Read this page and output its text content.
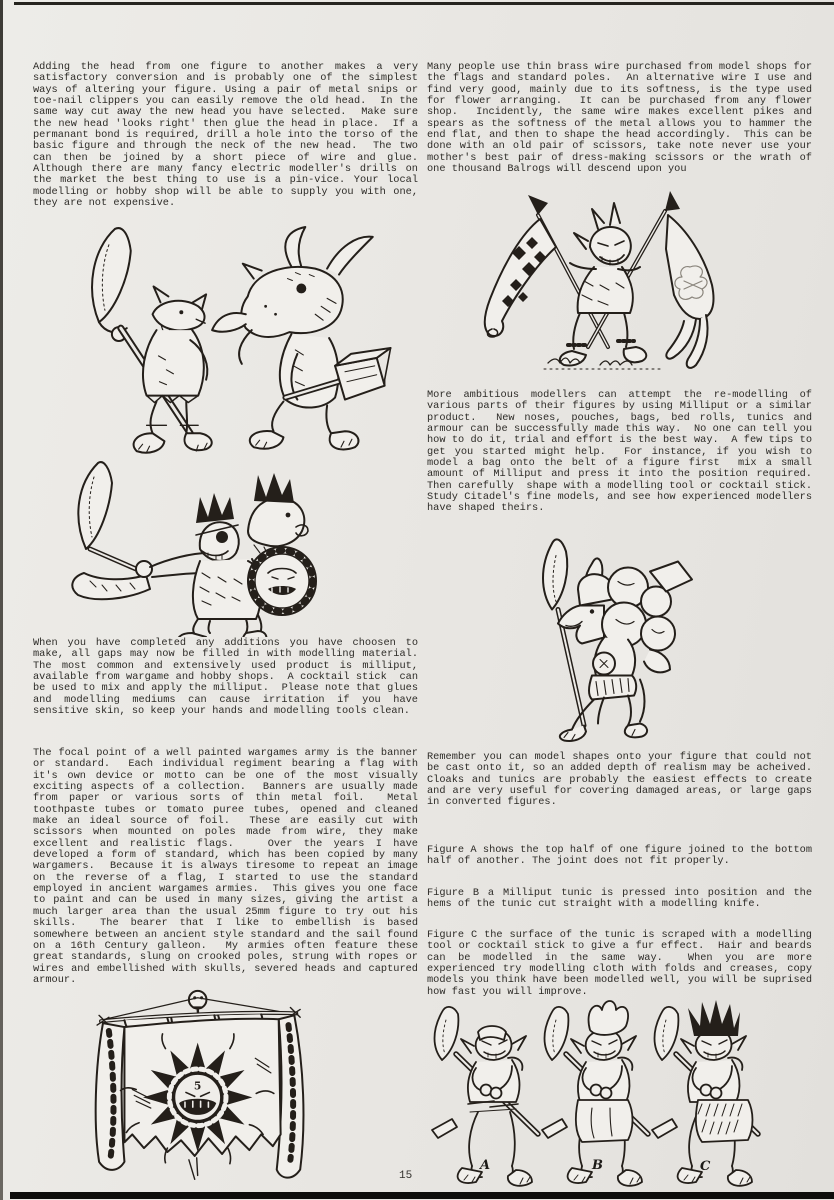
Adding the head from one figure to another makes a very satisfactory conversion and is probably one of the simplest ways of altering your figure. Using a pair of metal snips or toe-nail clippers you can easily remove the old head.  In the same way cut away the new head you have selected.  Make sure the new head 'looks right' then glue the head in place.  If a permanant bond is required, drill a hole into the torso of the basic figure and through the neck of the new head.  The two can then be joined by a short piece of wire and glue.  Although there are many fancy electric modeller's drills on the market the best thing to use is a pin-vice. Your local modelling or hobby shop will be able to supply you with one, they are not expensive.
When you have completed any additions you have choosen to make, all gaps may now be filled in with modelling material.  The most common and extensively used product is milliput, available from wargame and hobby shops.  A cocktail stick  can be used to mix and apply the milliput.  Please note that glues and modelling mediums can cause irritation if you have sensitive skin, so keep your hands and modelling tools clean.
The focal point of a well painted wargames army is the banner or standard.  Each individual regiment bearing a flag with it's own device or motto can be one of the most visually exciting aspects of a collection.  Banners are usually made from paper or various sorts of thin metal foil.  Metal toothpaste tubes or tomato puree tubes, opened and cleaned make an ideal source of foil.  These are easily cut with scissors when mounted on poles made from wire, they make excellent and realistic flags.   Over the years I have developed a form of standard, which has been copied by many wargamers.  Because it is always tiresome to repeat an image on the reverse of a flag, I started to use the standard employed in ancient wargames armies.  This gives you one face to paint and can be used in many sizes, giving the artist a much larger area than the usual 25mm figure to try out his skills.  The bearer that I like to embellish is based somewhere between an ancient style standard and the sail found on a 16th Century galleon.  My armies often feature these great standards, slung on crooked poles, strung with ropes or wires and embellished with skulls, severed heads and captured armour.
Many people use thin brass wire purchased from model shops for the flags and standard poles.  An alternative wire I use and find very good, mainly due to its softness, is the type used for flower arranging.  It can be purchased from any flower shop.  Incidently, the same wire makes excellent pikes and spears as the softness of the metal allows you to hammer the end flat, and then to shape the head accordingly.  This can be done with an old pair of scissors, take note never use your mother's best pair of dress-making scissors or the wrath of one thousand Balrogs will descend upon you
More ambitious modellers can attempt the re-modelling of various parts of their figures by using Milliput or a similar product.  New noses, pouches, bags, bed rolls, tunics and armour can be successfully made this way.  No one can tell you how to do it, trial and effort is the best way.  A few tips to get you started might help.  For instance, if you wish to model a bag onto the belt of a figure first  mix a small amount of Milliput and press it into the position required.  Then carefully  shape with a modelling tool or cocktail stick.   Study Citadel's fine models, and see how experienced modellers have shaped theirs.
Remember you can model shapes onto your figure that could not be cast onto it, so an added depth of realism may be acheived.  Cloaks and tunics are probably the easiest effects to create and are very useful for covering damaged areas, or large gaps in converted figures.
Figure A shows the top half of one figure joined to the bottom half of another. The joint does not fit properly.
Figure B a Milliput tunic is pressed into position and the hems of the tunic cut straight with a modelling knife.
Figure C the surface of the tunic is scraped with a modelling tool or cocktail stick to give a fur effect.  Hair and beards can be modelled in the same way.  When you are more experienced try modelling cloth with folds and creases, copy models you think have been modelled well, you will be suprised how fast you will improve.
5
A	B	C
15
